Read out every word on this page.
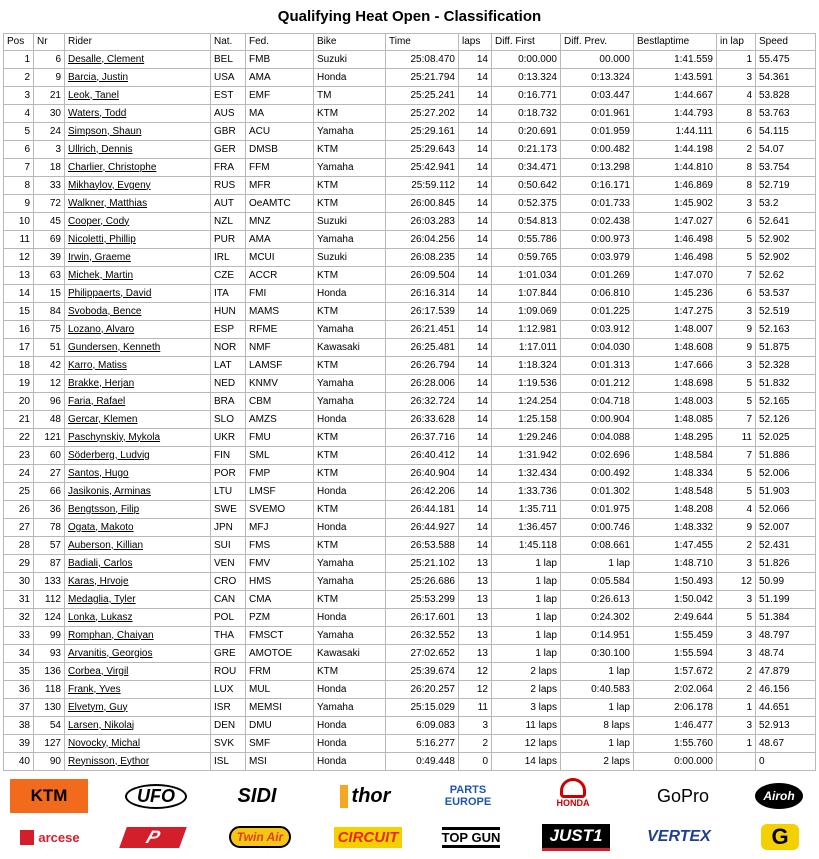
Qualifying Heat Open - Classification
Pos	Nr	Rider	Nat.	Fed.	Bike	Time	laps	Diff. First	Diff. Prev.	Bestlaptime	in lap	Speed
1	6	Desalle, Clement	BEL	FMB	Suzuki	25:08.470	14	0:00.000	00.000	1:41.559	1	55.475
2	9	Barcia, Justin	USA	AMA	Honda	25:21.794	14	0:13.324	0:13.324	1:43.591	3	54.361
3	21	Leok, Tanel	EST	EMF	TM	25:25.241	14	0:16.771	0:03.447	1:44.667	4	53.828
4	30	Waters, Todd	AUS	MA	KTM	25:27.202	14	0:18.732	0:01.961	1:44.793	8	53.763
5	24	Simpson, Shaun	GBR	ACU	Yamaha	25:29.161	14	0:20.691	0:01.959	1:44.111	6	54.115
6	3	Ullrich, Dennis	GER	DMSB	KTM	25:29.643	14	0:21.173	0:00.482	1:44.198	2	54.07
7	18	Charlier, Christophe	FRA	FFM	Yamaha	25:42.941	14	0:34.471	0:13.298	1:44.810	8	53.754
8	33	Mikhaylov, Evgeny	RUS	MFR	KTM	25:59.112	14	0:50.642	0:16.171	1:46.869	8	52.719
9	72	Walkner, Matthias	AUT	OeAMTC	KTM	26:00.845	14	0:52.375	0:01.733	1:45.902	3	53.2
10	45	Cooper, Cody	NZL	MNZ	Suzuki	26:03.283	14	0:54.813	0:02.438	1:47.027	6	52.641
11	69	Nicoletti, Phillip	PUR	AMA	Yamaha	26:04.256	14	0:55.786	0:00.973	1:46.498	5	52.902
12	39	Irwin, Graeme	IRL	MCUI	Suzuki	26:08.235	14	0:59.765	0:03.979	1:46.498	5	52.902
13	63	Michek, Martin	CZE	ACCR	KTM	26:09.504	14	1:01.034	0:01.269	1:47.070	7	52.62
14	15	Philippaerts, David	ITA	FMI	Honda	26:16.314	14	1:07.844	0:06.810	1:45.236	6	53.537
15	84	Svoboda, Bence	HUN	MAMS	KTM	26:17.539	14	1:09.069	0:01.225	1:47.275	3	52.519
16	75	Lozano, Alvaro	ESP	RFME	Yamaha	26:21.451	14	1:12.981	0:03.912	1:48.007	9	52.163
17	51	Gundersen, Kenneth	NOR	NMF	Kawasaki	26:25.481	14	1:17.011	0:04.030	1:48.608	9	51.875
18	42	Karro, Matiss	LAT	LAMSF	KTM	26:26.794	14	1:18.324	0:01.313	1:47.666	3	52.328
19	12	Brakke, Herjan	NED	KNMV	Yamaha	26:28.006	14	1:19.536	0:01.212	1:48.698	5	51.832
20	96	Faria, Rafael	BRA	CBM	Yamaha	26:32.724	14	1:24.254	0:04.718	1:48.003	5	52.165
21	48	Gercar, Klemen	SLO	AMZS	Honda	26:33.628	14	1:25.158	0:00.904	1:48.085	7	52.126
22	121	Paschynskiy, Mykola	UKR	FMU	KTM	26:37.716	14	1:29.246	0:04.088	1:48.295	11	52.025
23	60	Söderberg, Ludvig	FIN	SML	KTM	26:40.412	14	1:31.942	0:02.696	1:48.584	7	51.886
24	27	Santos, Hugo	POR	FMP	KTM	26:40.904	14	1:32.434	0:00.492	1:48.334	5	52.006
25	66	Jasikonis, Arminas	LTU	LMSF	Honda	26:42.206	14	1:33.736	0:01.302	1:48.548	5	51.903
26	36	Bengtsson, Filip	SWE	SVEMO	KTM	26:44.181	14	1:35.711	0:01.975	1:48.208	4	52.066
27	78	Ogata, Makoto	JPN	MFJ	Honda	26:44.927	14	1:36.457	0:00.746	1:48.332	9	52.007
28	57	Auberson, Killian	SUI	FMS	KTM	26:53.588	14	1:45.118	0:08.661	1:47.455	2	52.431
29	87	Badiali, Carlos	VEN	FMV	Yamaha	25:21.102	13	1 lap	1 lap	1:48.710	3	51.826
30	133	Karas, Hrvoje	CRO	HMS	Yamaha	25:26.686	13	1 lap	0:05.584	1:50.493	12	50.99
31	112	Medaglia, Tyler	CAN	CMA	KTM	25:53.299	13	1 lap	0:26.613	1:50.042	3	51.199
32	124	Lonka, Lukasz	POL	PZM	Honda	26:17.601	13	1 lap	0:24.302	2:49.644	5	51.384
33	99	Romphan, Chaiyan	THA	FMSCT	Yamaha	26:32.552	13	1 lap	0:14.951	1:55.459	3	48.797
34	93	Arvanitis, Georgios	GRE	AMOTOE	Kawasaki	27:02.652	13	1 lap	0:30.100	1:55.594	3	48.74
35	136	Corbea, Virgil	ROU	FRM	KTM	25:39.674	12	2 laps	1 lap	1:57.672	2	47.879
36	118	Frank, Yves	LUX	MUL	Honda	26:20.257	12	2 laps	0:40.583	2:02.064	2	46.156
37	130	Elvetym, Guy	ISR	MEMSI	Yamaha	25:15.029	11	3 laps	1 lap	2:06.178	1	44.651
38	54	Larsen, Nikolaj	DEN	DMU	Honda	6:09.083	3	11 laps	8 laps	1:46.477	3	52.913
39	127	Novocky, Michal	SVK	SMF	Honda	5:16.277	2	12 laps	1 lap	1:55.760	1	48.67
40	90	Reynisson, Eythor	ISL	MSI	Honda	0:49.448	0	14 laps	2 laps	0:00.000		0
KTM	UFO	SIDI	thor	PARTS EUROPE	HONDA	GoPro	Airoh
arcese	P	Twin Air	CIRCUIT	TOP GUN	JUST1	VERTEX	G
